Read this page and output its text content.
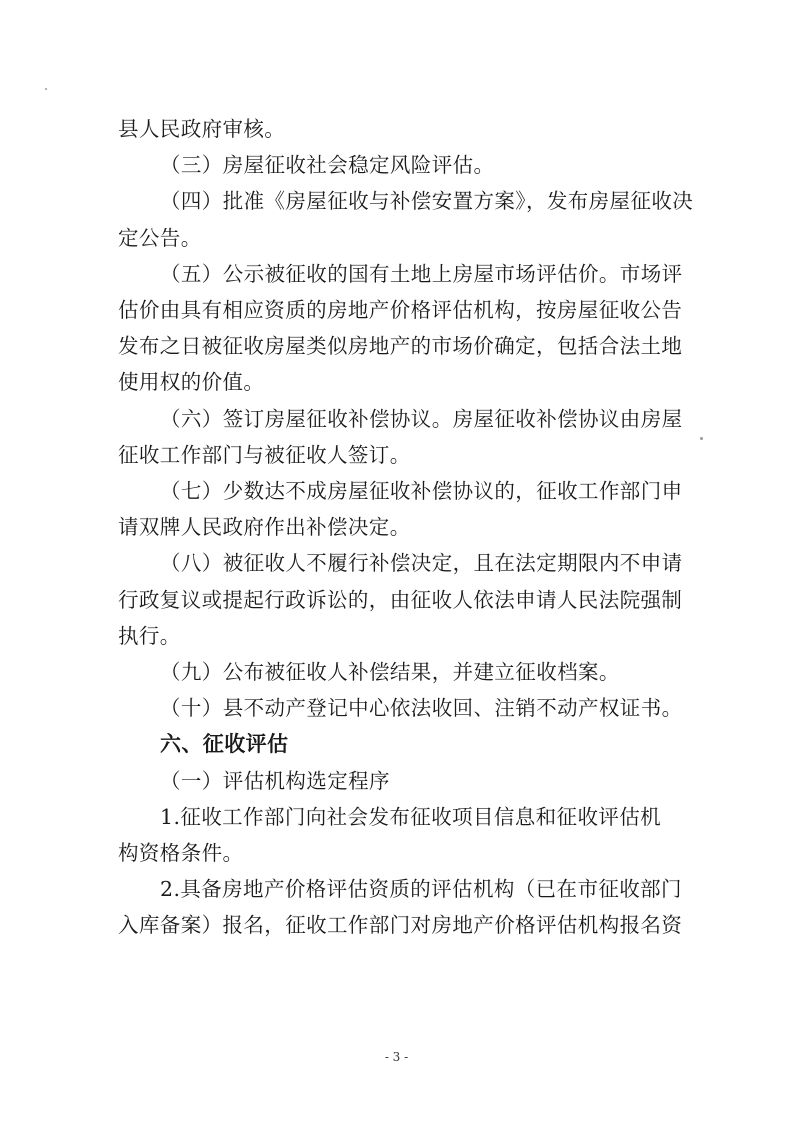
县人民政府审核。
（三）房屋征收社会稳定风险评估。
（四）批准《房屋征收与补偿安置方案》，发布房屋征收决
定公告。
（五）公示被征收的国有土地上房屋市场评估价。市场评
估价由具有相应资质的房地产价格评估机构，按房屋征收公告
发布之日被征收房屋类似房地产的市场价确定，包括合法土地
使用权的价值。
（六）签订房屋征收补偿协议。房屋征收补偿协议由房屋
征收工作部门与被征收人签订。
（七）少数达不成房屋征收补偿协议的，征收工作部门申
请双牌人民政府作出补偿决定。
（八）被征收人不履行补偿决定，且在法定期限内不申请
行政复议或提起行政诉讼的，由征收人依法申请人民法院强制
执行。
（九）公布被征收人补偿结果，并建立征收档案。
（十）县不动产登记中心依法收回、注销不动产权证书。
六、征收评估
（一）评估机构选定程序
1.征收工作部门向社会发布征收项目信息和征收评估机
构资格条件。
2.具备房地产价格评估资质的评估机构（已在市征收部门
入库备案）报名，征收工作部门对房地产价格评估机构报名资
- 3 -
